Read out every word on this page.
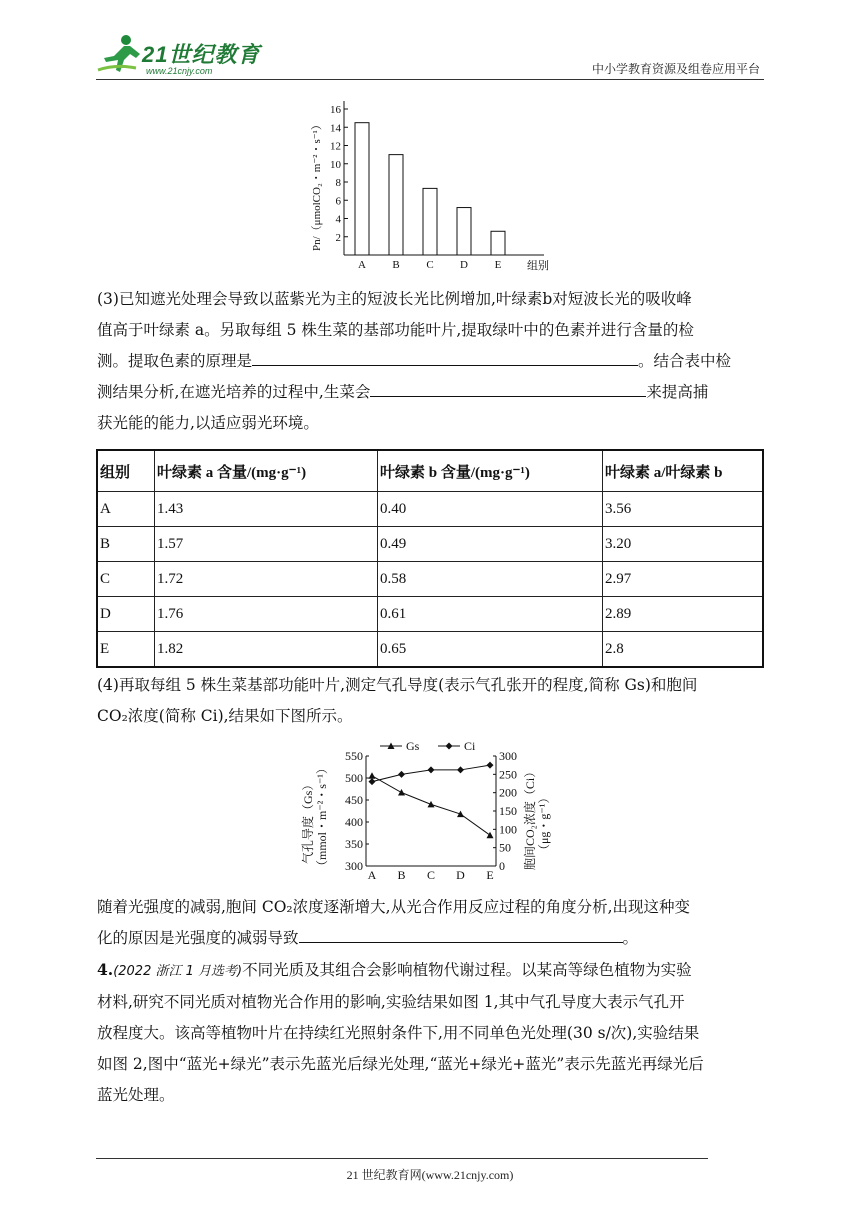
21世纪教育
www.21cnjy.com	中小学教育资源及组卷应用平台
2
4
6
8
10
12
14
16
A B C D E 组别
Pn/（μmolCO₂・m⁻²・s⁻¹）
(3)已知遮光处理会导致以蓝紫光为主的短波长光比例增加,叶绿素b对短波长光的吸收峰
值高于叶绿素 a。另取每组 5 株生菜的基部功能叶片,提取绿叶中的色素并进行含量的检
测。提取色素的原理是	。结合表中检
测结果分析,在遮光培养的过程中,生菜会	来提高捕
获光能的能力,以适应弱光环境。
组别	叶绿素 a 含量/(mg·g⁻¹)	叶绿素 b 含量/(mg·g⁻¹)	叶绿素 a/叶绿素 b
A	1.43	0.40	3.56
B	1.57	0.49	3.20
C	1.72	0.58	2.97
D	1.76	0.61	2.89
E	1.82	0.65	2.8
(4)再取每组 5 株生菜基部功能叶片,测定气孔导度(表示气孔张开的程度,简称 Gs)和胞间
CO₂浓度(简称 Ci),结果如下图所示。
300
350
400
450
500
550
0
50
100
150
200
250
300
A B C D E
Gs	Ci
气孔导度（Gs） （mmol・m⁻²・s⁻¹）	胞间CO₂浓度（Ci） （μg・g⁻¹）
随着光强度的减弱,胞间 CO₂浓度逐渐增大,从光合作用反应过程的角度分析,出现这种变
化的原因是光强度的减弱导致	。
4.(2022 浙江 1 月选考)不同光质及其组合会影响植物代谢过程。以某高等绿色植物为实验
材料,研究不同光质对植物光合作用的影响,实验结果如图 1,其中气孔导度大表示气孔开
放程度大。该高等植物叶片在持续红光照射条件下,用不同单色光处理(30 s/次),实验结果
如图 2,图中“蓝光+绿光”表示先蓝光后绿光处理,“蓝光+绿光+蓝光”表示先蓝光再绿光后
蓝光处理。
21 世纪教育网(www.21cnjy.com)
